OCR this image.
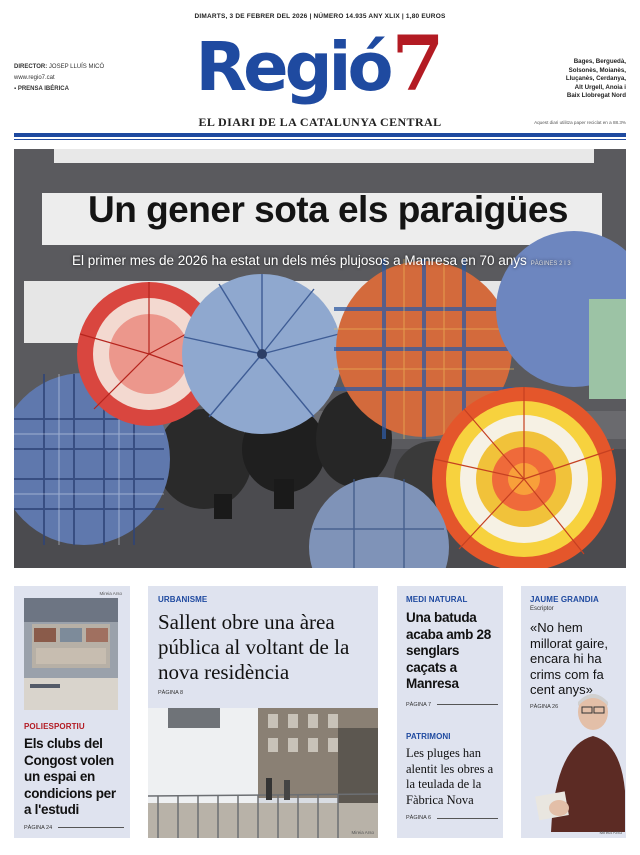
DIMARTS, 3 DE FEBRER DEL 2026 | NÚMERO 14.935 ANY XLIX | 1,80 EUROS
DIRECTOR: JOSEP LLUÍS MICÓ
www.regio7.cat
▪ PRENSA IBÉRICA	Regió7	Bages, Berguedà,
Solsonès, Moianès,
Lluçanès, Cerdanya,
Alt Urgell, Anoia i
Baix Llobregat Nord
EL DIARI DE LA CATALUNYA CENTRAL	Aquest diari utilitza paper reciclat en a 88.3%
Un gener sota els paraigües
El primer mes de 2026 ha estat un dels més plujosos a Manresa en 70 anys PÀGINES 2 I 3
Mireia Arso
POLIESPORTIU
Els clubs del Congost volen un espai en condicions per a l'estudi
PÀGINA 24
URBANISME
Sallent obre una àrea pública al voltant de la nova residència
PÀGINA 8
Mireia Arso
MEDI NATURAL
Una batuda acaba amb 28 senglars caçats a Manresa
PÀGINA 7
PATRIMONI
Les pluges han alentit les obres a la teulada de la Fàbrica Nova
PÀGINA 6
JAUME GRANDIA
Escriptor
«No hem millorat gaire, encara hi ha crims com fa cent anys»
PÀGINA 26
Mireia Arso
